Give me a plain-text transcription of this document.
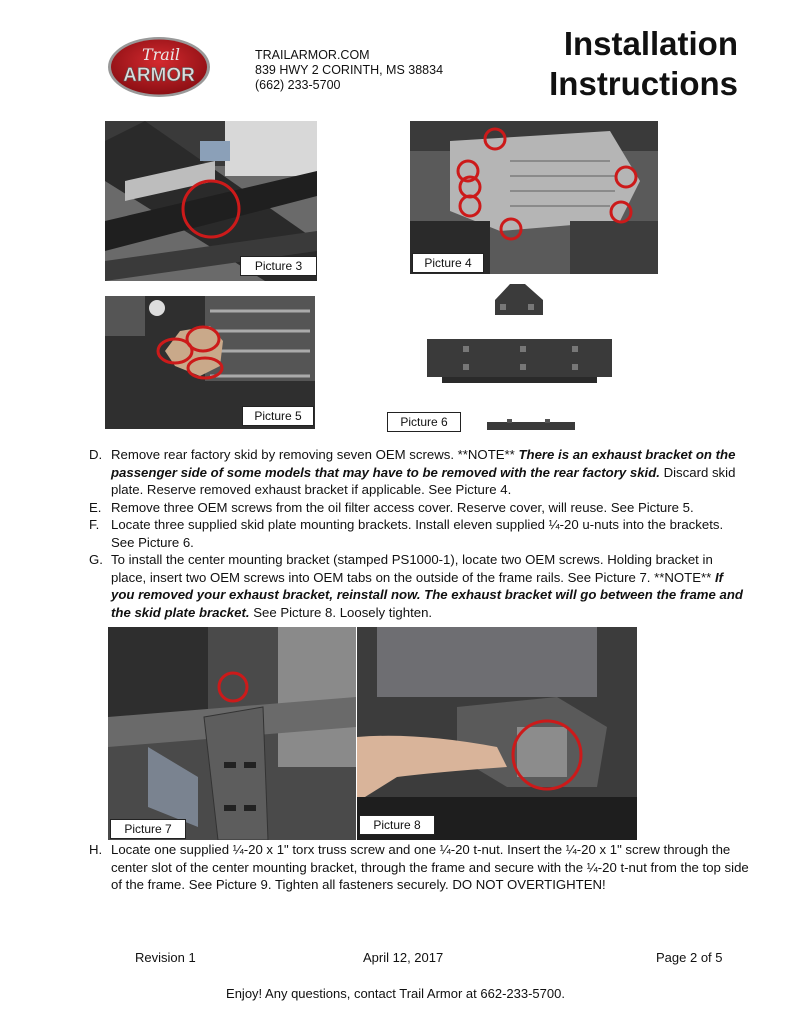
Trail
ARMOR
TRAILARMOR.COM
839 HWY 2 CORINTH, MS 38834
(662) 233-5700
Installation
Instructions
Picture 3	Picture 4
Picture 5	Picture 6
D. Remove rear factory skid by removing seven OEM screws. **NOTE** There is an exhaust bracket on the passenger side of some models that may have to be removed with the rear factory skid. Discard skid plate. Reserve removed exhaust bracket if applicable. See Picture 4.
E. Remove three OEM screws from the oil filter access cover. Reserve cover, will reuse. See Picture 5.
F. Locate three supplied skid plate mounting brackets. Install eleven supplied ¼-20 u-nuts into the brackets. See Picture 6.
G. To install the center mounting bracket (stamped PS1000-1), locate two OEM screws. Holding bracket in place, insert two OEM screws into OEM tabs on the outside of the frame rails. See Picture 7. **NOTE** If you removed your exhaust bracket, reinstall now. The exhaust bracket will go between the frame and the skid plate bracket. See Picture 8. Loosely tighten.
Picture 7	Picture 8
H. Locate one supplied ¼-20 x 1" torx truss screw and one ¼-20 t-nut. Insert the ¼-20 x 1" screw through the center slot of the center mounting bracket, through the frame and secure with the ¼-20 t-nut from the top side of the frame. See Picture 9. Tighten all fasteners securely. DO NOT OVERTIGHTEN!
Revision 1	April 12, 2017	Page 2 of 5
Enjoy! Any questions, contact Trail Armor at 662-233-5700.
